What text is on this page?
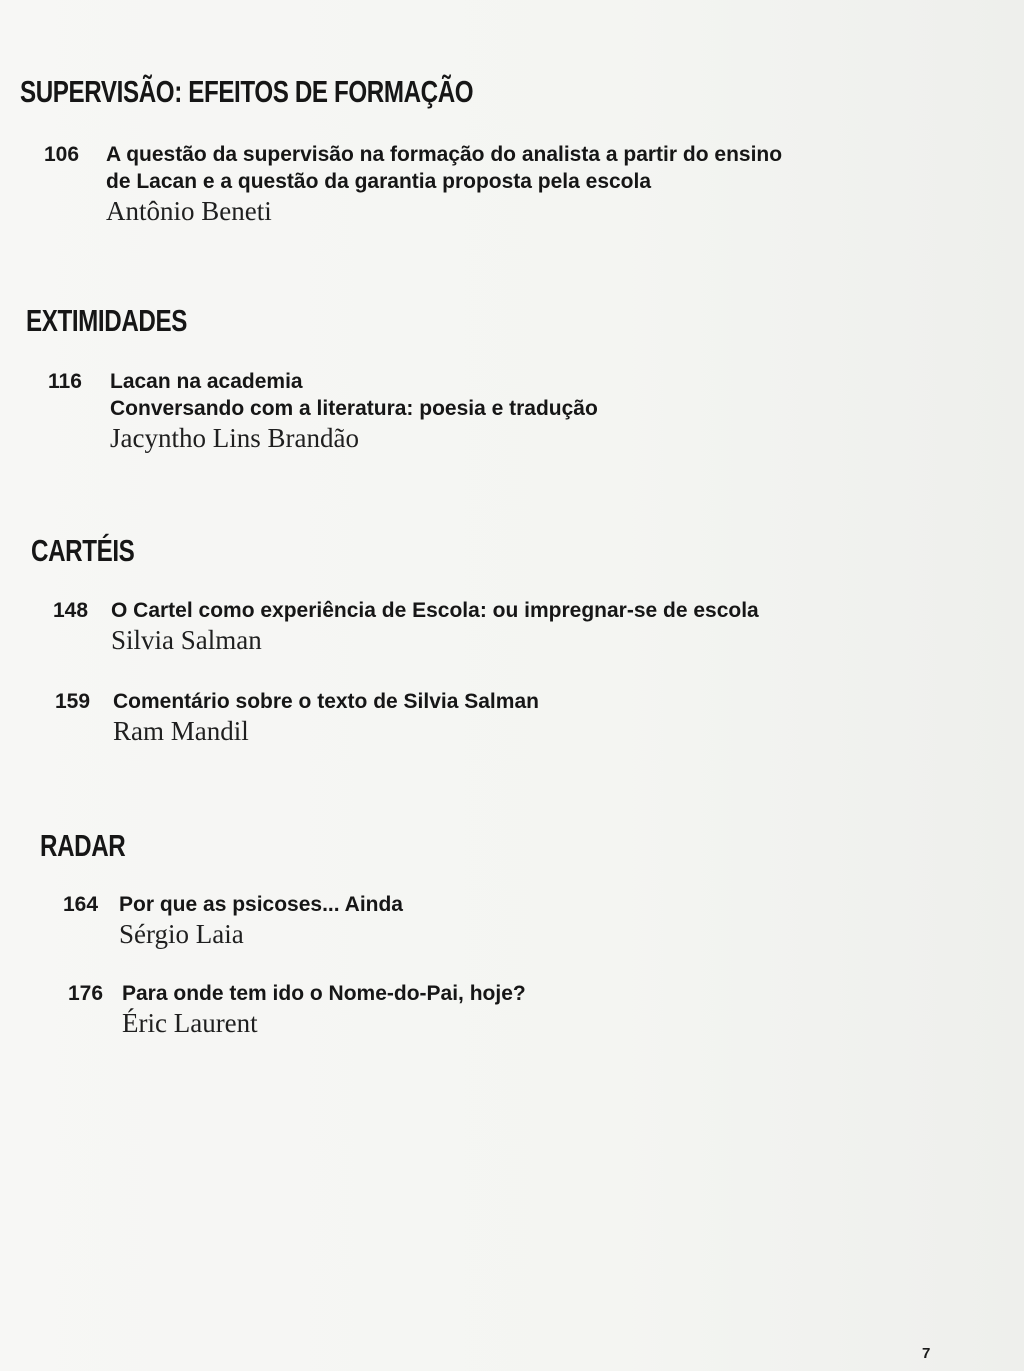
SUPERVISÃO: EFEITOS DE FORMAÇÃO
106	A questão da supervisão na formação do analista a partir do ensino
de Lacan e a questão da garantia proposta pela escola
Antônio Beneti
EXTIMIDADES
116	Lacan na academia
Conversando com a literatura: poesia e tradução
Jacyntho Lins Brandão
CARTÉIS
148	O Cartel como experiência de Escola: ou impregnar-se de escola
Silvia Salman
159	Comentário sobre o texto de Silvia Salman
Ram Mandil
RADAR
164 Por que as psicoses... Ainda
Sérgio Laia
176 Para onde tem ido o Nome-do-Pai, hoje?
Éric Laurent
7
